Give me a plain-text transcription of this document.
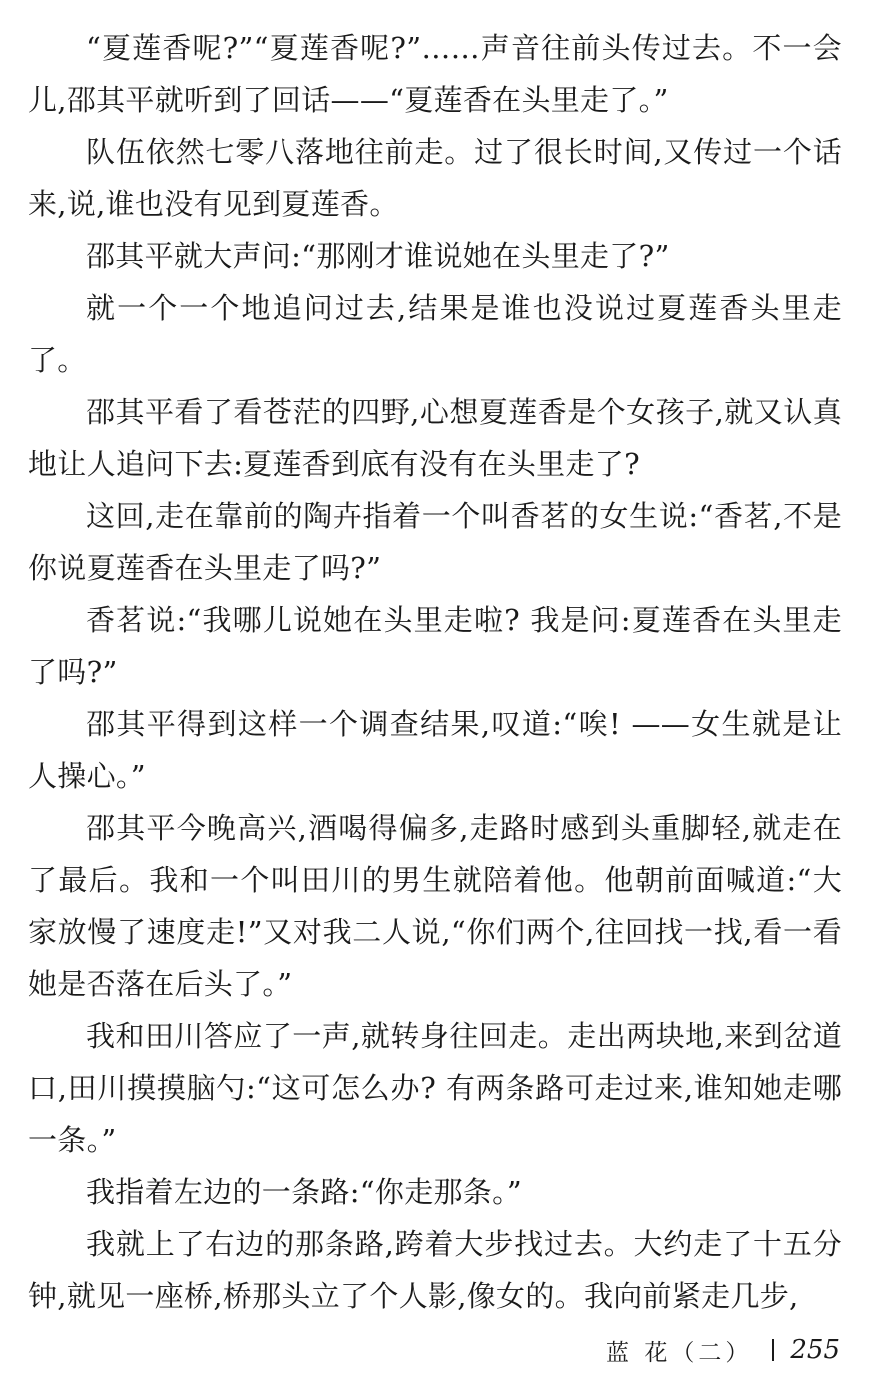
“夏莲香呢?”“夏莲香呢?”……声音往前头传过去。不一会儿,邵其平就听到了回话——“夏莲香在头里走了。”

队伍依然七零八落地往前走。过了很长时间,又传过一个话来,说,谁也没有见到夏莲香。

邵其平就大声问:“那刚才谁说她在头里走了?”

就一个一个地追问过去,结果是谁也没说过夏莲香头里走了。

邵其平看了看苍茫的四野,心想夏莲香是个女孩子,就又认真地让人追问下去:夏莲香到底有没有在头里走了?

这回,走在靠前的陶卉指着一个叫香茗的女生说:“香茗,不是你说夏莲香在头里走了吗?”

香茗说:“我哪儿说她在头里走啦? 我是问:夏莲香在头里走了吗?”

邵其平得到这样一个调查结果,叹道:“唉! ——女生就是让人操心。”

邵其平今晚高兴,酒喝得偏多,走路时感到头重脚轻,就走在了最后。我和一个叫田川的男生就陪着他。他朝前面喊道:“大家放慢了速度走!”又对我二人说,“你们两个,往回找一找,看一看她是否落在后头了。”

我和田川答应了一声,就转身往回走。走出两块地,来到岔道口,田川摸摸脑勺:“这可怎么办? 有两条路可走过来,谁知她走哪一条。”

我指着左边的一条路:“你走那条。”

我就上了右边的那条路,跨着大步找过去。大约走了十五分钟,就见一座桥,桥那头立了个人影,像女的。我向前紧走几步,

蓝 花（二） 255
